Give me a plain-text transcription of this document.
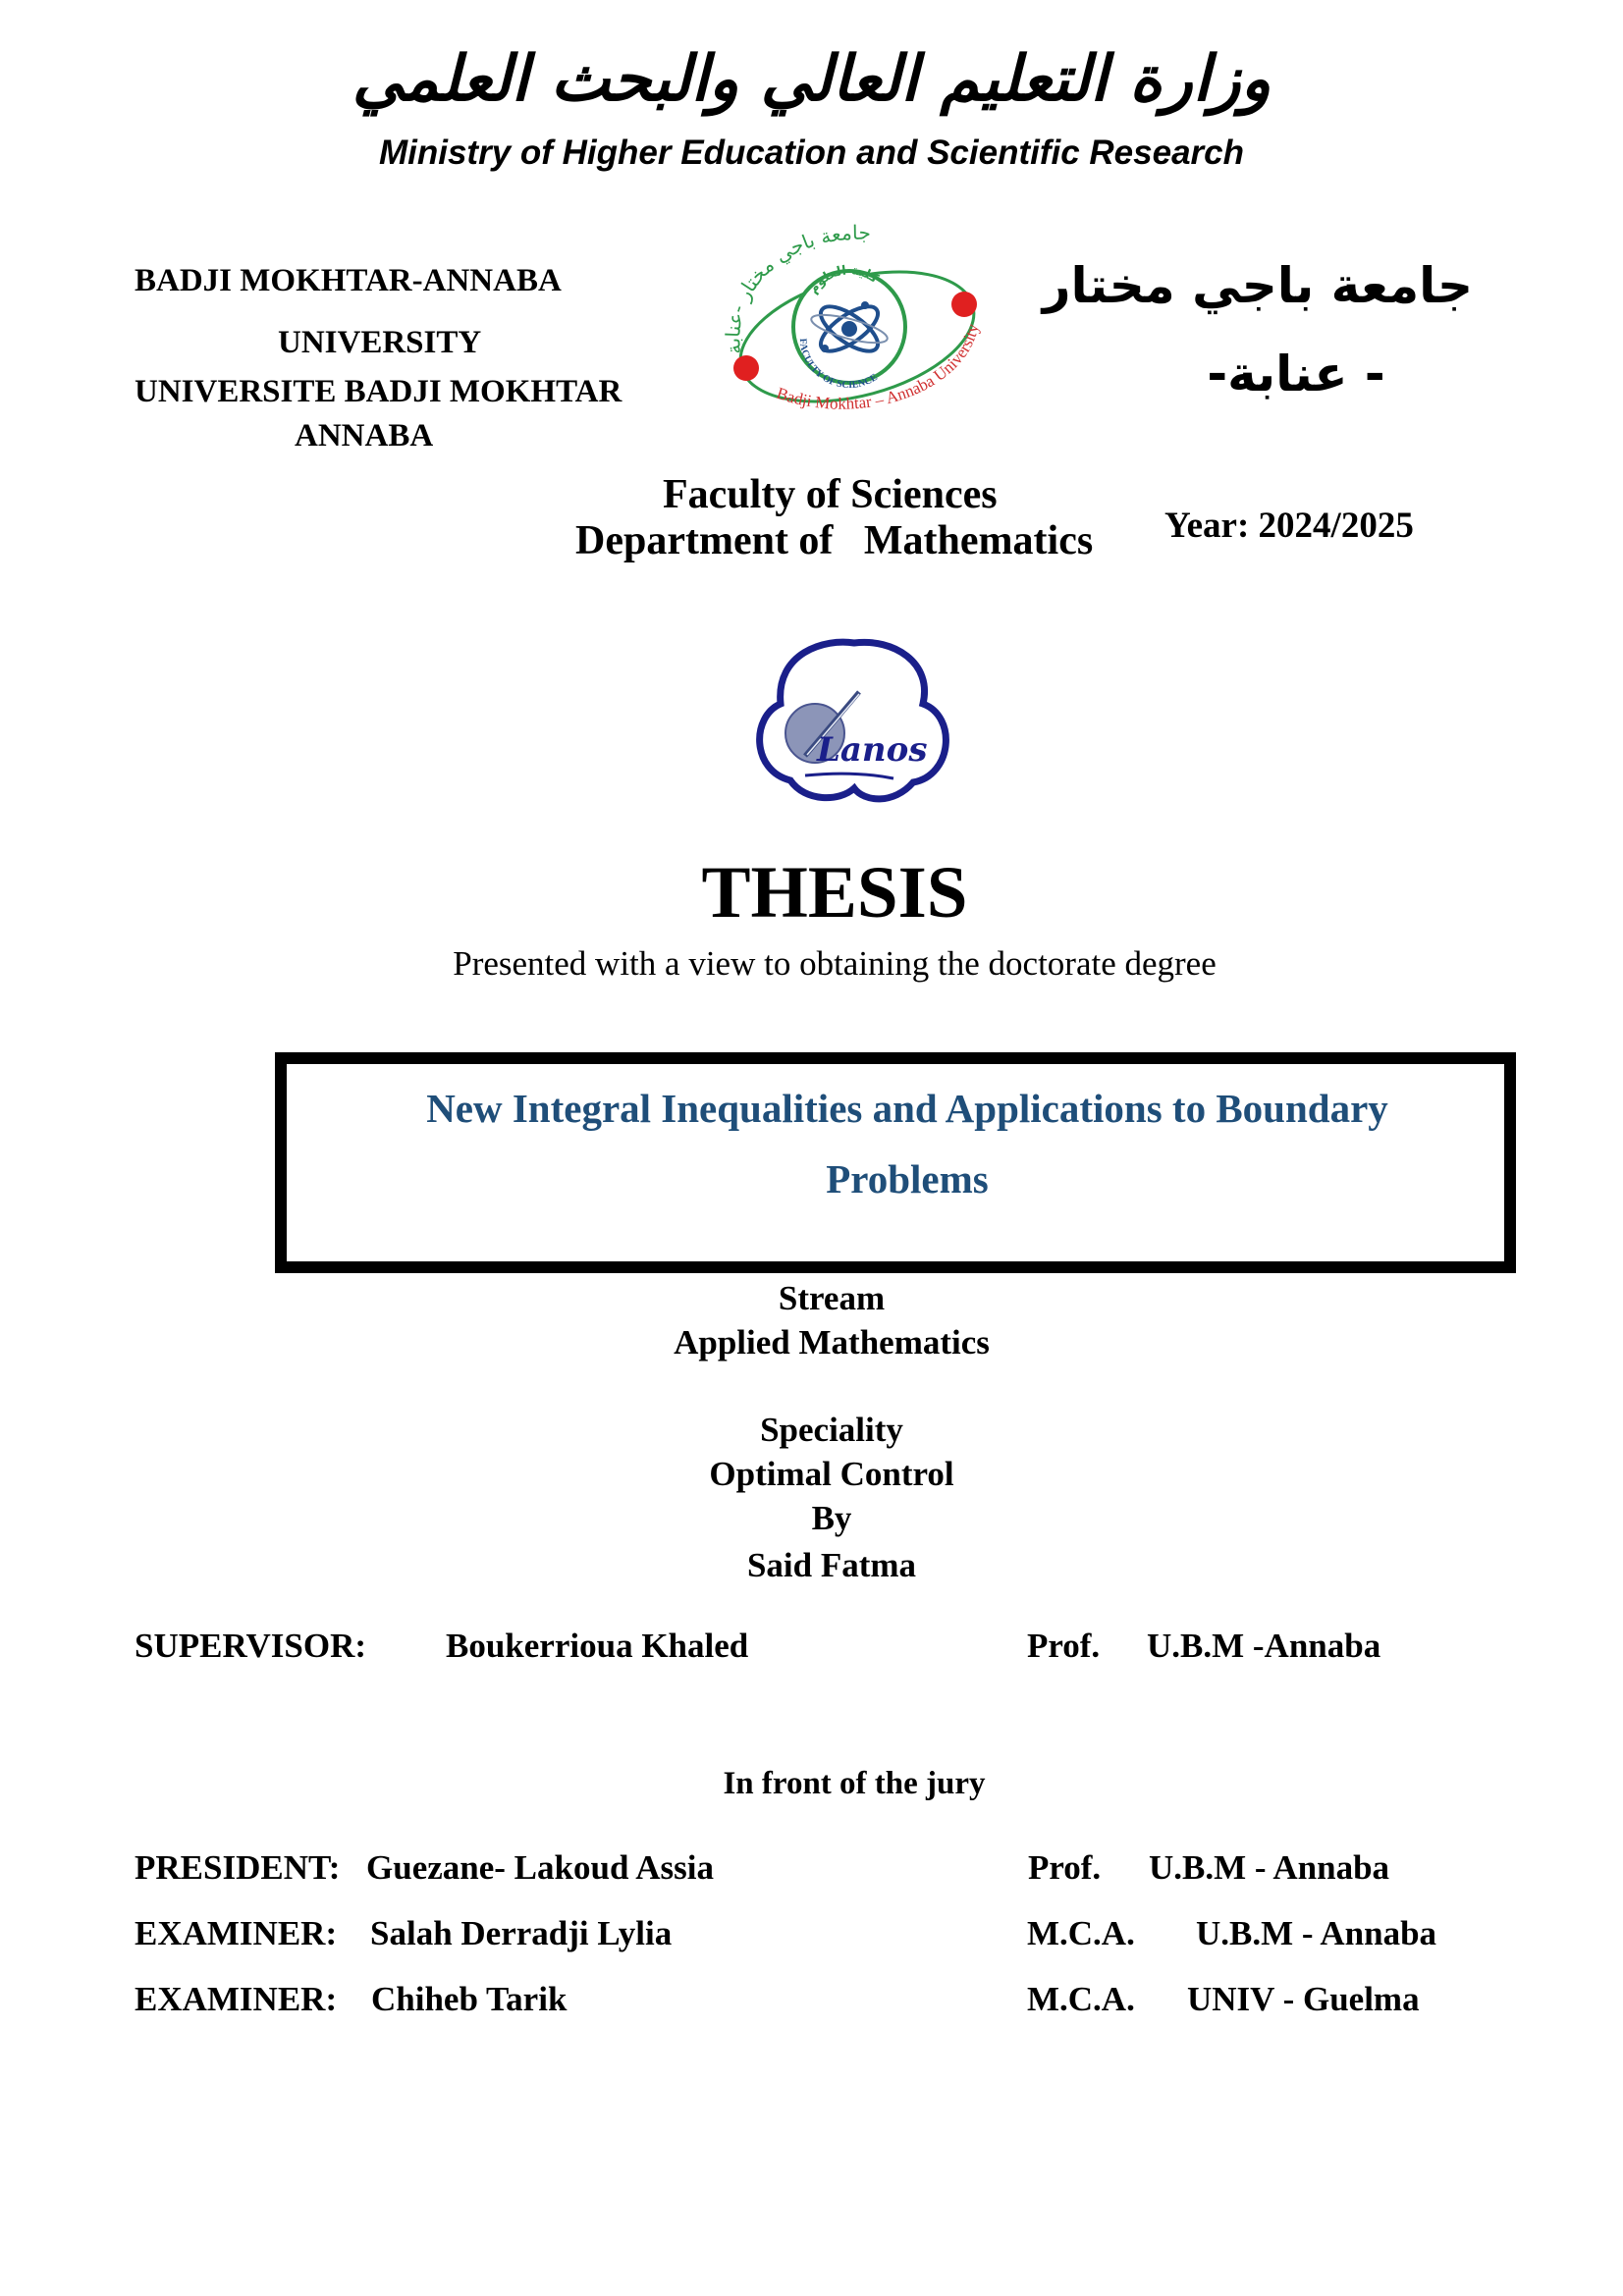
وزارة التعليم العالي والبحث العلمي
Ministry of Higher Education and Scientific Research
BADJI MOKHTAR-ANNABA
UNIVERSITY
UNIVERSITE BADJI MOKHTAR
ANNABA
جامعة باجي مختار -عنابة
كلية العلوم
FACULTY OF SCIENCE
Badji Mokhtar – Annaba University
جامعة باجي مختار
- عنابة-
Faculty of Sciences
Department of   Mathematics Year: 2024/2025
Lanos
THESIS
Presented with a view to obtaining the doctorate degree
New Integral Inequalities and Applications to Boundary
Problems
Stream
Applied Mathematics
Speciality
Optimal Control
By
Said Fatma
SUPERVISOR: Boukerrioua Khaled	Prof. U.B.M -Annaba
In front of the jury
PRESIDENT: Guezane- Lakoud Assia	Prof. U.B.M - Annaba
EXAMINER: Salah Derradji Lylia	M.C.A. U.B.M - Annaba
EXAMINER: Chiheb Tarik	M.C.A. UNIV - Guelma
